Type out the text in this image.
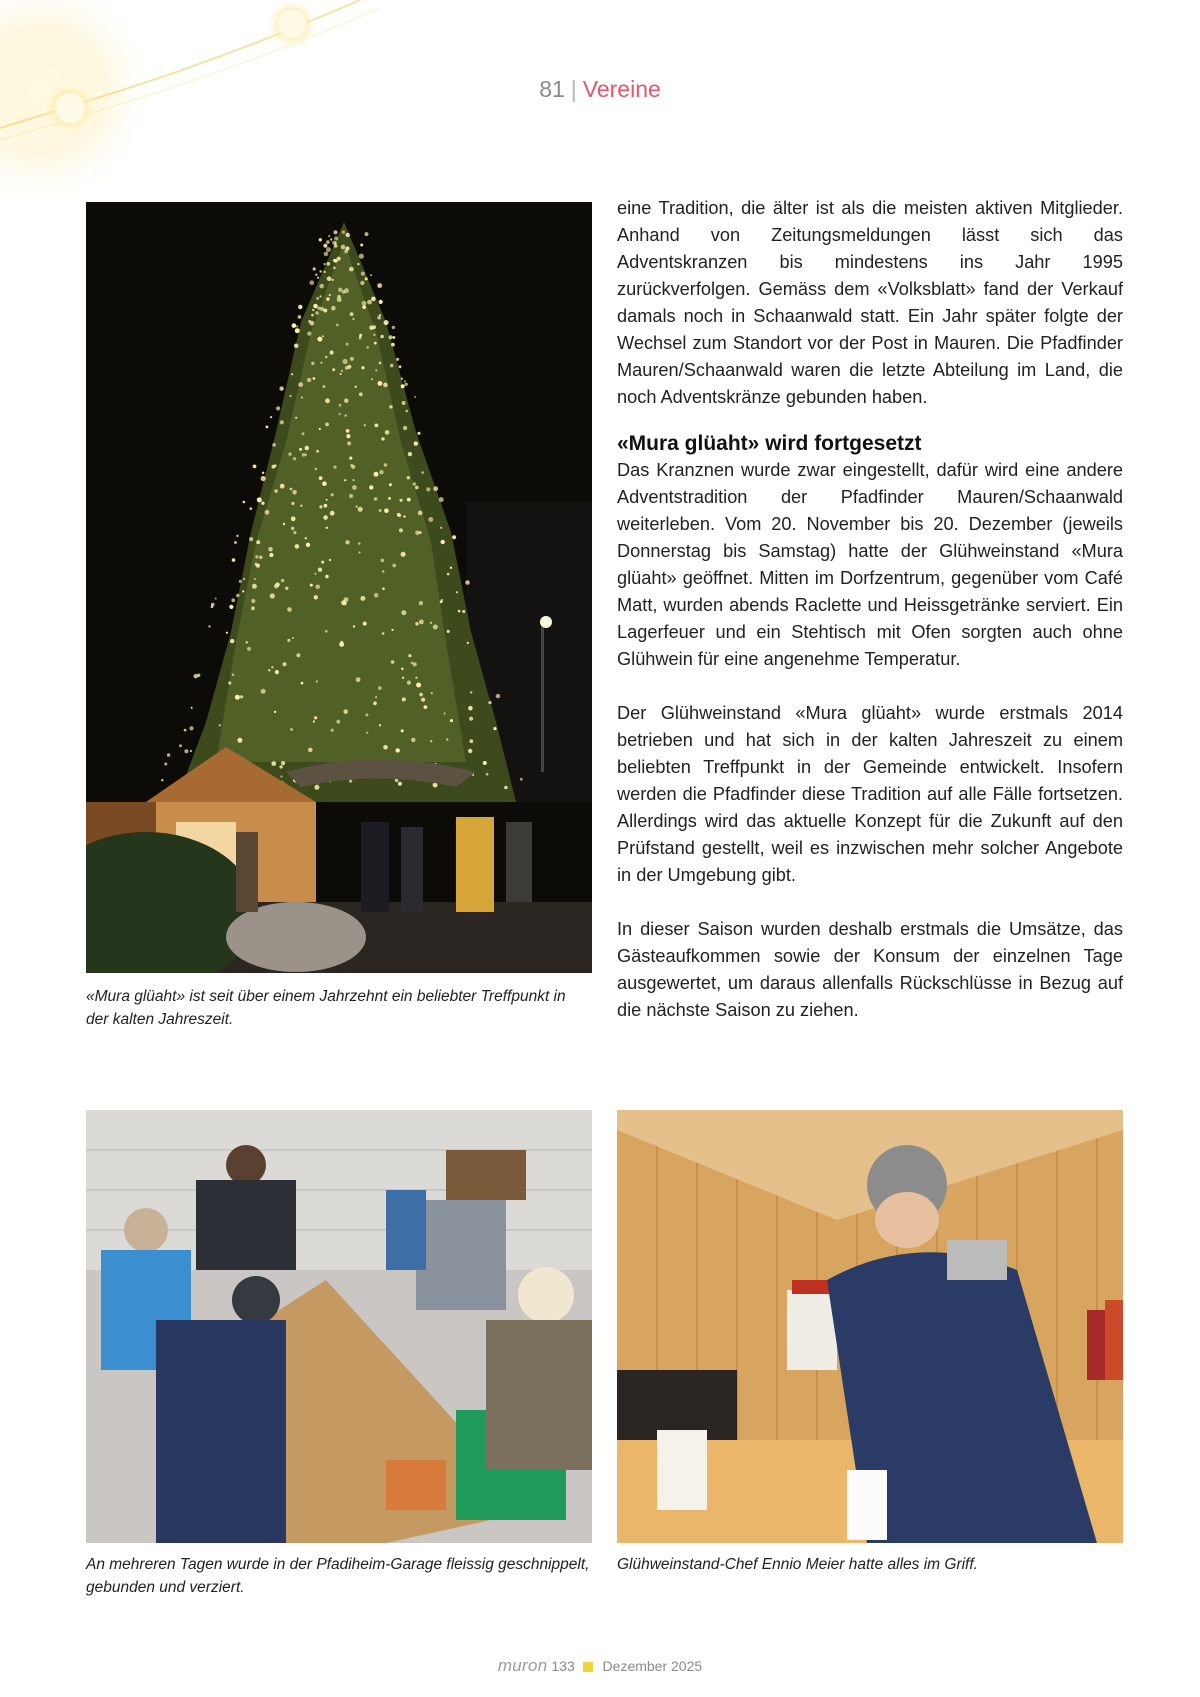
81 | Vereine
«Mura glüaht» ist seit über einem Jahrzehnt ein beliebter Treffpunkt in der kalten Jahreszeit.

eine Tradition, die älter ist als die meisten aktiven Mitglieder. Anhand von Zeitungsmeldungen lässt sich das Adventskranzen bis mindestens ins Jahr 1995 zurückverfolgen. Gemäss dem «Volksblatt» fand der Verkauf damals noch in Schaanwald statt. Ein Jahr später folgte der Wechsel zum Standort vor der Post in Mauren. Die Pfadfinder Mauren/Schaanwald waren die letzte Abteilung im Land, die noch Adventskränze gebunden haben.

«Mura glüaht» wird fortgesetzt

Das Kranznen wurde zwar eingestellt, dafür wird eine andere Adventstradition der Pfadfinder Mauren/Schaanwald weiterleben. Vom 20. November bis 20. Dezember (jeweils Donnerstag bis Samstag) hatte der Glühweinstand «Mura glüaht» geöffnet. Mitten im Dorfzentrum, gegenüber vom Café Matt, wurden abends Raclette und Heissgetränke serviert. Ein Lagerfeuer und ein Stehtisch mit Ofen sorgten auch ohne Glühwein für eine angenehme Temperatur.

Der Glühweinstand «Mura glüaht» wurde erstmals 2014 betrieben und hat sich in der kalten Jahreszeit zu einem beliebten Treffpunkt in der Gemeinde entwickelt. Insofern werden die Pfadfinder diese Tradition auf alle Fälle fortsetzen. Allerdings wird das aktuelle Konzept für die Zukunft auf den Prüfstand gestellt, weil es inzwischen mehr solcher Angebote in der Umgebung gibt.

In dieser Saison wurden deshalb erstmals die Umsätze, das Gästeaufkommen sowie der Konsum der einzelnen Tage ausgewertet, um daraus allenfalls Rückschlüsse in Bezug auf die nächste Saison zu ziehen.

An mehreren Tagen wurde in der Pfadiheim-Garage fleissig geschnippelt, gebunden und verziert.
Glühweinstand-Chef Ennio Meier hatte alles im Griff.
muron 133 Dezember 2025
